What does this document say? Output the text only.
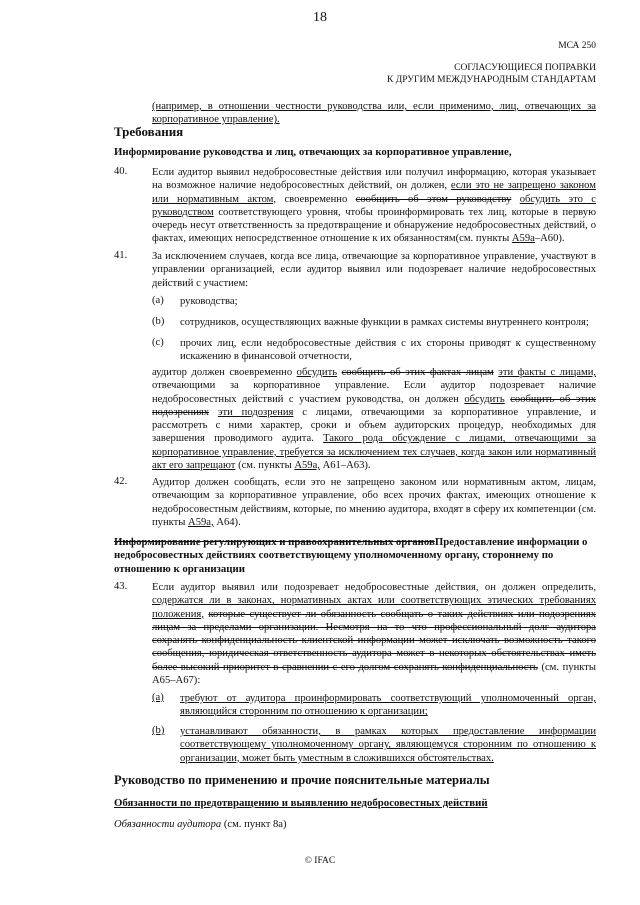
18
МСА 250
СОГЛАСУЮЩИЕСЯ ПОПРАВКИ
К ДРУГИМ МЕЖДУНАРОДНЫМ СТАНДАРТАМ
(например, в отношении честности руководства или, если применимо, лиц, отвечающих за корпоративное управление).
Требования
Информирование руководства и лиц, отвечающих за корпоративное управление,
40.	Если аудитор выявил недобросовестные действия или получил информацию, которая указывает на возможное наличие недобросовестных действий, он должен, если это не запрещено законом или нормативным актом, своевременно сообщить об этом руководству обсудить это с руководством соответствующего уровня, чтобы проинформировать тех лиц, которые в первую очередь несут ответственность за предотвращение и обнаружение недобросовестных действий, о фактах, имеющих непосредственное отношение к их обязанностям(см. пункты А59а–А60).
41.	За исключением случаев, когда все лица, отвечающие за корпоративное управление, участвуют в управлении организацией, если аудитор выявил или подозревает наличие недобросовестных действий с участием:
(a)	руководства;
(b)	сотрудников, осуществляющих важные функции в рамках системы внутреннего контроля;
(c)	прочих лиц, если недобросовестные действия с их стороны приводят к существенному искажению в финансовой отчетности,
аудитор должен своевременно обсудить сообщить об этих фактах лицам эти факты с лицами, отвечающими за корпоративное управление. Если аудитор подозревает наличие недобросовестных действий с участием руководства, он должен обсудить сообщить об этих подозрениях эти подозрения с лицами, отвечающими за корпоративное управление, и рассмотреть с ними характер, сроки и объем аудиторских процедур, необходимых для завершения проводимого аудита. Такого рода обсуждение с лицами, отвечающими за корпоративное управление, требуется за исключением тех случаев, когда закон или нормативный акт его запрещают (см. пункты А59а, А61–А63).
42.	Аудитор должен сообщать, если это не запрещено законом или нормативным актом, лицам, отвечающим за корпоративное управление, обо всех прочих фактах, имеющих отношение к недобросовестным действиям, которые, по мнению аудитора, входят в сферу их компетенции (см. пункты А59а, А64).
Информирование регулирующих и правоохранительных органовПредоставление информации о недобросовестных действиях соответствующему уполномоченному органу, стороннему по отношению к организации
43.	Если аудитор выявил или подозревает недобросовестные действия, он должен определить, содержатся ли в законах, нормативных актах или соответствующих этических требованиях положения, которые существует ли обязанность сообщать о таких действиях или подозрениях лицам за пределами организации. Несмотря на то что профессиональный долг аудитора сохранять конфиденциальность клиентской информации может исключать возможность такого сообщения, юридическая ответственность аудитора может в некоторых обстоятельствах иметь более высокий приоритет в сравнении с его долгом сохранять конфиденциальность (см. пункты А65–А67):
(a)	требуют от аудитора проинформировать соответствующий уполномоченный орган, являющийся сторонним по отношению к организации;
(b)	устанавливают обязанности, в рамках которых предоставление информации соответствующему уполномоченному органу, являющемуся сторонним по отношению к организации, может быть уместным в сложившихся обстоятельствах.
Руководство по применению и прочие пояснительные материалы
Обязанности по предотвращению и выявлению недобросовестных действий
Обязанности аудитора (см. пункт 8а)
© IFAC
